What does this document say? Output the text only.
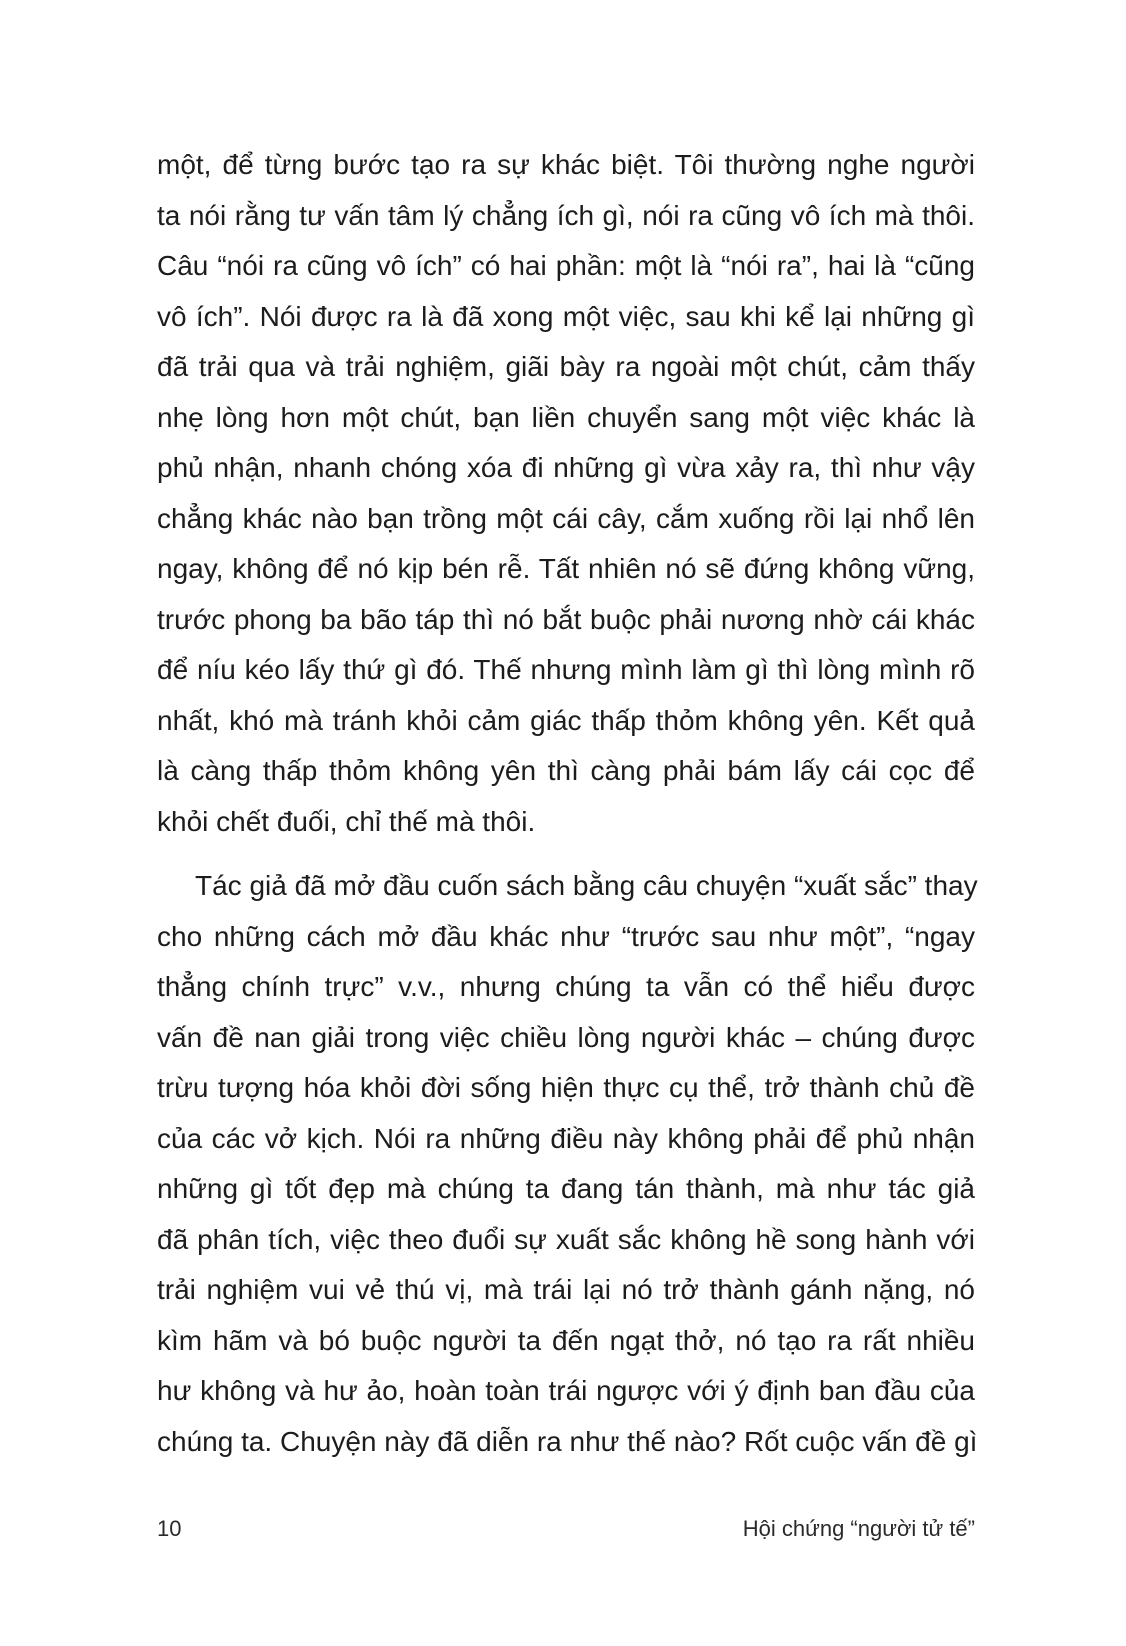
một, để từng bước tạo ra sự khác biệt. Tôi thường nghe người
ta nói rằng tư vấn tâm lý chẳng ích gì, nói ra cũng vô ích mà thôi.
Câu “nói ra cũng vô ích” có hai phần: một là “nói ra”, hai là “cũng
vô ích”. Nói được ra là đã xong một việc, sau khi kể lại những gì
đã trải qua và trải nghiệm, giãi bày ra ngoài một chút, cảm thấy
nhẹ lòng hơn một chút, bạn liền chuyển sang một việc khác là
phủ nhận, nhanh chóng xóa đi những gì vừa xảy ra, thì như vậy
chẳng khác nào bạn trồng một cái cây, cắm xuống rồi lại nhổ lên
ngay, không để nó kịp bén rễ. Tất nhiên nó sẽ đứng không vững,
trước phong ba bão táp thì nó bắt buộc phải nương nhờ cái khác
để níu kéo lấy thứ gì đó. Thế nhưng mình làm gì thì lòng mình rõ
nhất, khó mà tránh khỏi cảm giác thấp thỏm không yên. Kết quả
là càng thấp thỏm không yên thì càng phải bám lấy cái cọc để
khỏi chết đuối, chỉ thế mà thôi.
Tác giả đã mở đầu cuốn sách bằng câu chuyện “xuất sắc” thay
cho những cách mở đầu khác như “trước sau như một”, “ngay
thẳng chính trực” v.v., nhưng chúng ta vẫn có thể hiểu được
vấn đề nan giải trong việc chiều lòng người khác – chúng được
trừu tượng hóa khỏi đời sống hiện thực cụ thể, trở thành chủ đề
của các vở kịch. Nói ra những điều này không phải để phủ nhận
những gì tốt đẹp mà chúng ta đang tán thành, mà như tác giả
đã phân tích, việc theo đuổi sự xuất sắc không hề song hành với
trải nghiệm vui vẻ thú vị, mà trái lại nó trở thành gánh nặng, nó
kìm hãm và bó buộc người ta đến ngạt thở, nó tạo ra rất nhiều
hư không và hư ảo, hoàn toàn trái ngược với ý định ban đầu của
chúng ta. Chuyện này đã diễn ra như thế nào? Rốt cuộc vấn đề gì
10	Hội chứng “người tử tế”
